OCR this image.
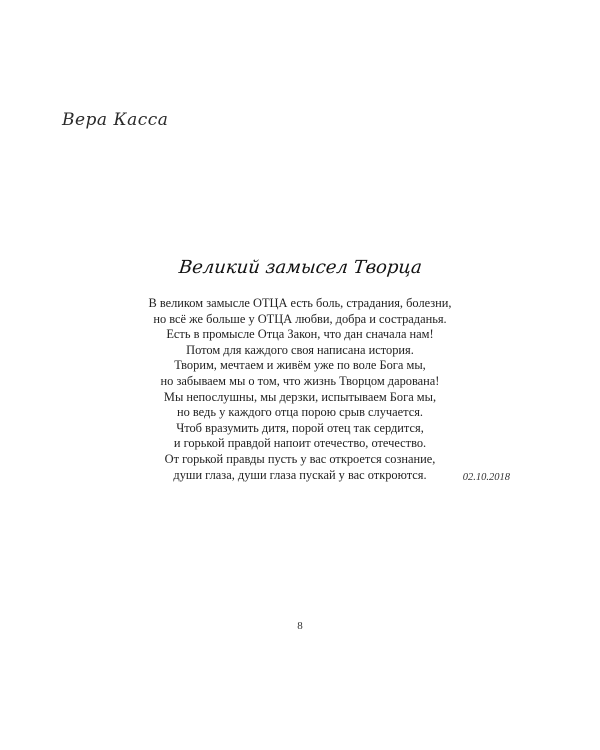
Вера Касса
Великий замысел Творца
В великом замысле ОТЦА есть боль, страдания, болезни,
но всё же больше у ОТЦА любви, добра и состраданья.
Есть в промысле Отца Закон, что дан сначала нам!
Потом для каждого своя написана история.
Творим, мечтаем и живём уже по воле Бога мы,
но забываем мы о том, что жизнь Творцом дарована!
Мы непослушны, мы дерзки, испытываем Бога мы,
но ведь у каждого отца порою срыв случается.
Чтоб вразумить дитя, порой отец так сердится,
и горькой правдой напоит отечество, отечество.
От горькой правды пусть у вас откроется сознание,
души глаза, души глаза пускай у вас откроются.	02.10.2018
8
